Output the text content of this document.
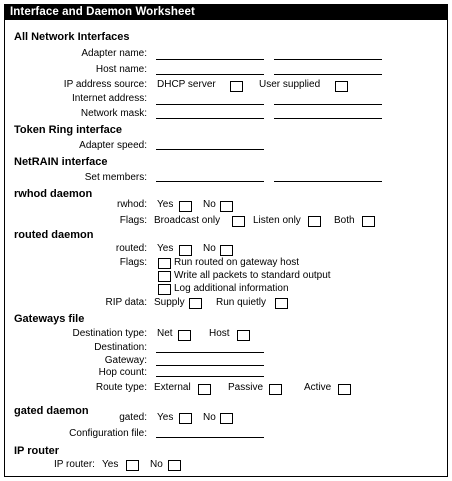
Interface and Daemon Worksheet
All Network Interfaces
Adapter name:
Host name:
IP address source: DHCP server	User supplied
Internet address:
Network mask:
Token Ring interface
Adapter speed:
NetRAIN interface
Set members:
rwhod daemon
rwhod: Yes	No
Flags: Broadcast only	Listen only	Both
routed daemon
routed: Yes	No
Flags:	Run routed on gateway host
Write all packets to standard output
Log additional information
RIP data: Supply	Run quietly
Gateways file
Destination type: Net	Host
Destination:
Gateway:
Hop count:
Route type: External	Passive	Active
gated daemon
gated: Yes	No
Configuration file:
IP router
IP router: Yes	No
